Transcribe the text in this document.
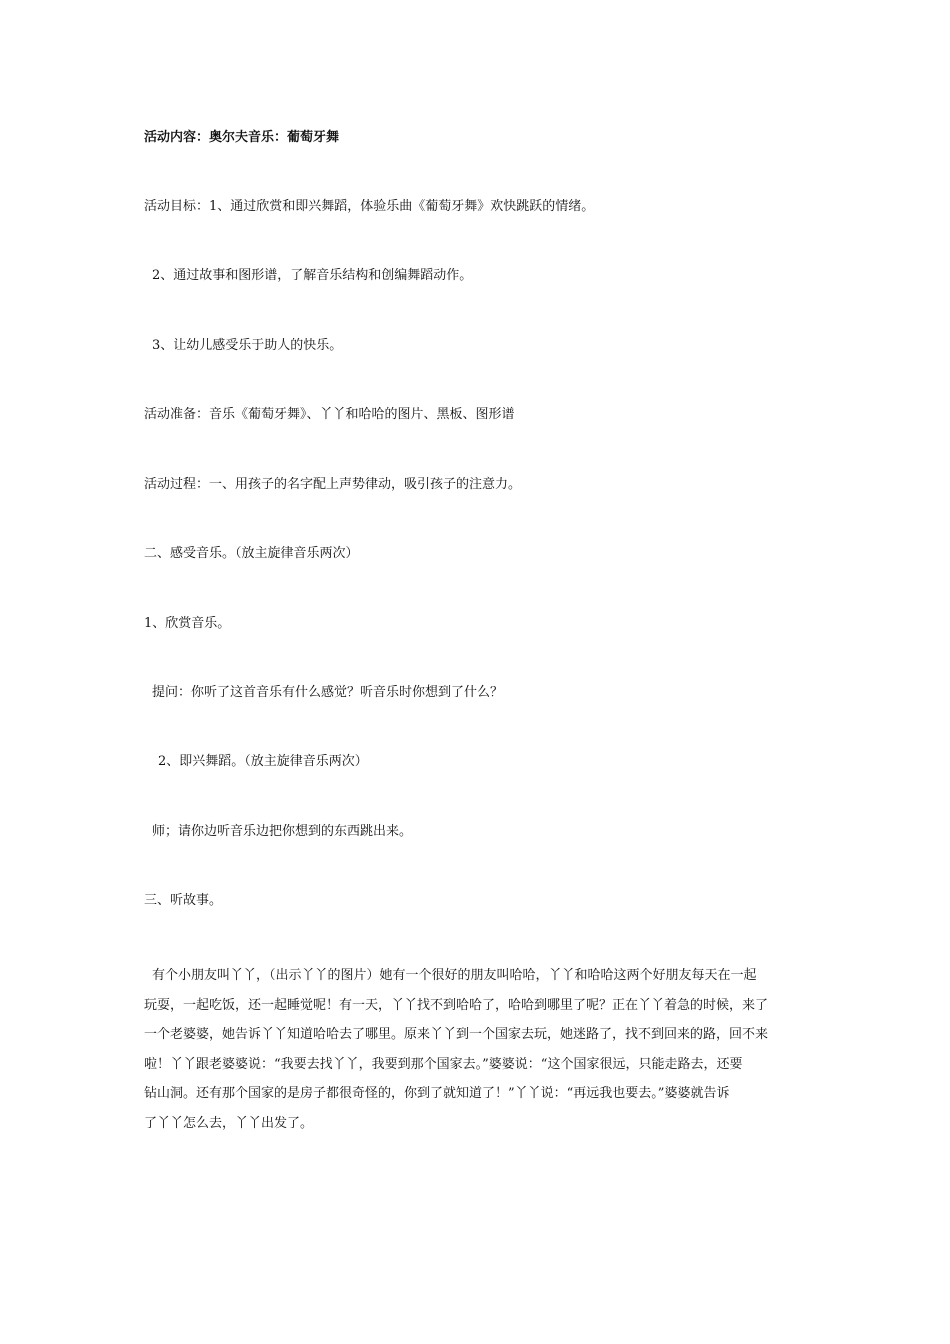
活动内容：奥尔夫音乐：葡萄牙舞
活动目标：1、通过欣赏和即兴舞蹈，体验乐曲《葡萄牙舞》欢快跳跃的情绪。
2、通过故事和图形谱，了解音乐结构和创编舞蹈动作。
3、让幼儿感受乐于助人的快乐。
活动准备：音乐《葡萄牙舞》、丫丫和哈哈的图片、黑板、图形谱
活动过程：一、用孩子的名字配上声势律动，吸引孩子的注意力。
二、感受音乐。（放主旋律音乐两次）
1、欣赏音乐。
提问：你听了这首音乐有什么感觉？听音乐时你想到了什么？
2、即兴舞蹈。（放主旋律音乐两次）
师；请你边听音乐边把你想到的东西跳出来。
三、听故事。
有个小朋友叫丫丫，（出示丫丫的图片）她有一个很好的朋友叫哈哈，丫丫和哈哈这两个好朋友每天在一起
玩耍，一起吃饭，还一起睡觉呢！有一天，丫丫找不到哈哈了，哈哈到哪里了呢？正在丫丫着急的时候，来了
一个老婆婆，她告诉丫丫知道哈哈去了哪里。原来丫丫到一个国家去玩，她迷路了，找不到回来的路，回不来
啦！丫丫跟老婆婆说：“我要去找丫丫，我要到那个国家去。”婆婆说：“这个国家很远，只能走路去，还要
钻山洞。还有那个国家的是房子都很奇怪的，你到了就知道了！”丫丫说：“再远我也要去。”婆婆就告诉
了丫丫怎么去，丫丫出发了。
